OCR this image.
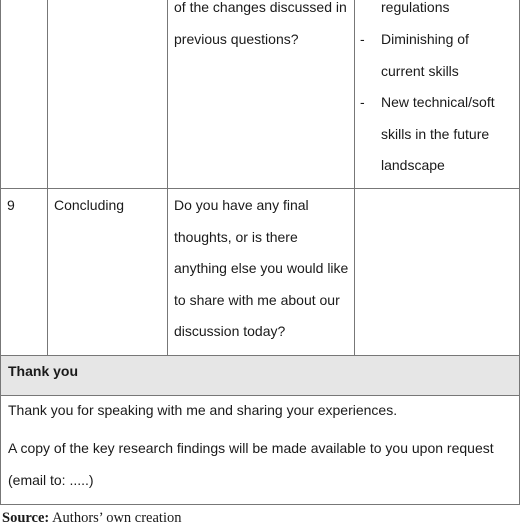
of the changes discussed in
previous questions?
regulations
- Diminishing of
current skills
- New technical/soft
skills in the future
landscape
9	Concluding	Do you have any final
thoughts, or is there
anything else you would like
to share with me about our
discussion today?
Thank you
Thank you for speaking with me and sharing your experiences.
A copy of the key research findings will be made available to you upon request
(email to: .....)
Source: Authors’ own creation
